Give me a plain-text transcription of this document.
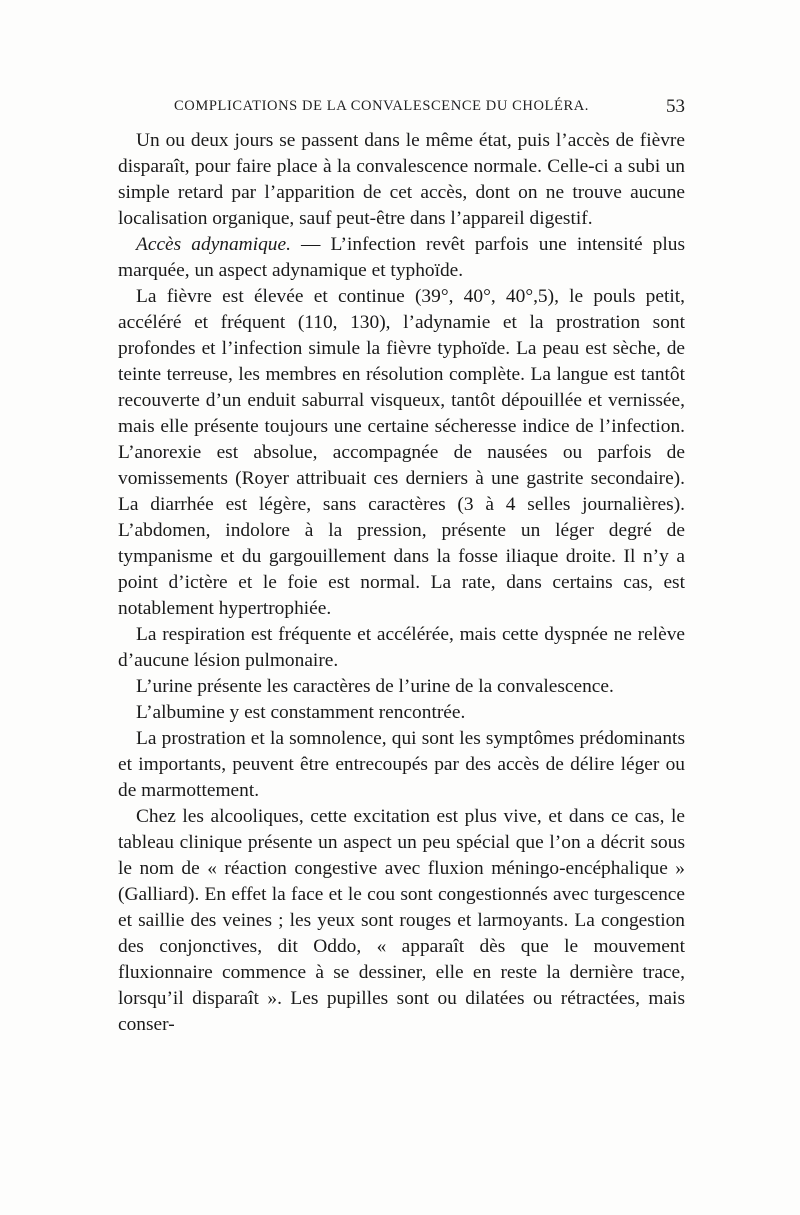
COMPLICATIONS DE LA CONVALESCENCE DU CHOLÉRA.	53

Un ou deux jours se passent dans le même état, puis l’accès de fièvre disparaît, pour faire place à la convalescence normale. Celle-ci a subi un simple retard par l’apparition de cet accès, dont on ne trouve aucune localisation organique, sauf peut-être dans l’appareil digestif.

Accès adynamique. — L’infection revêt parfois une intensité plus marquée, un aspect adynamique et typhoïde.

La fièvre est élevée et continue (39°, 40°, 40°,5), le pouls petit, accéléré et fréquent (110, 130), l’adynamie et la prostration sont profondes et l’infection simule la fièvre typhoïde. La peau est sèche, de teinte terreuse, les membres en résolution complète. La langue est tantôt recouverte d’un enduit saburral visqueux, tantôt dépouillée et vernissée, mais elle présente toujours une certaine sécheresse indice de l’infection. L’anorexie est absolue, accompagnée de nausées ou parfois de vomissements (Royer attribuait ces derniers à une gastrite secondaire). La diarrhée est légère, sans caractères (3 à 4 selles journalières). L’abdomen, indolore à la pression, présente un léger degré de tympanisme et du gargouillement dans la fosse iliaque droite. Il n’y a point d’ictère et le foie est normal. La rate, dans certains cas, est notablement hypertrophiée.

La respiration est fréquente et accélérée, mais cette dyspnée ne relève d’aucune lésion pulmonaire.

L’urine présente les caractères de l’urine de la convalescence.

L’albumine y est constamment rencontrée.

La prostration et la somnolence, qui sont les symptômes prédominants et importants, peuvent être entrecoupés par des accès de délire léger ou de marmottement.

Chez les alcooliques, cette excitation est plus vive, et dans ce cas, le tableau clinique présente un aspect un peu spécial que l’on a décrit sous le nom de « réaction congestive avec fluxion méningo-encéphalique » (Galliard). En effet la face et le cou sont congestionnés avec turgescence et saillie des veines ; les yeux sont rouges et larmoyants. La congestion des conjonctives, dit Oddo, « apparaît dès que le mouvement fluxionnaire commence à se dessiner, elle en reste la dernière trace, lorsqu’il disparaît ». Les pupilles sont ou dilatées ou rétractées, mais conser-
